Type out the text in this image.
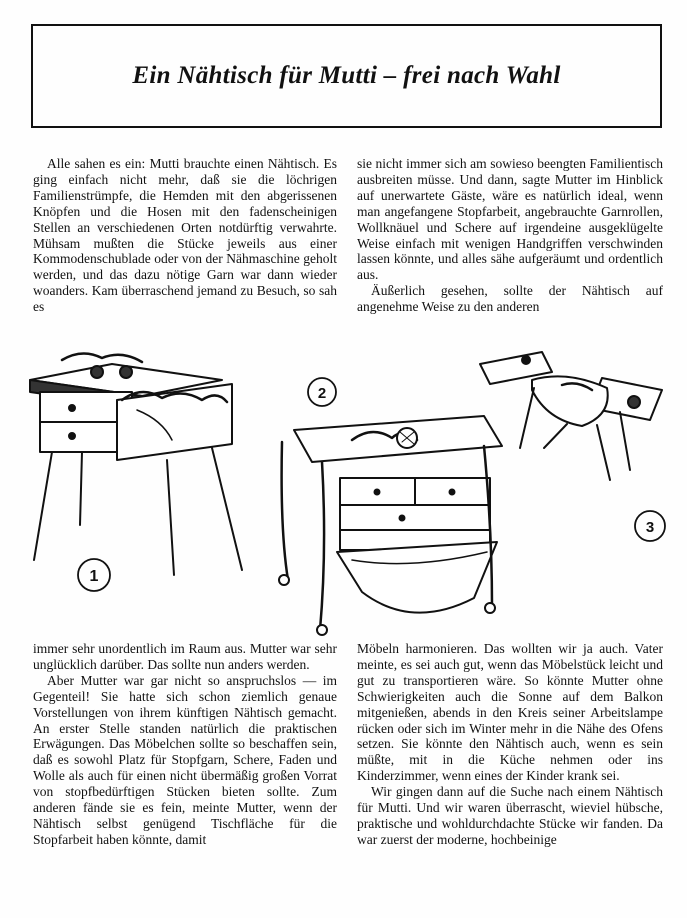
Ein Nähtisch für Mutti – frei nach Wahl

Alle sahen es ein: Mutti brauchte einen Nähtisch. Es ging einfach nicht mehr, daß sie die löchrigen Familienstrümpfe, die Hemden mit den abgerissenen Knöpfen und die Hosen mit den fadenscheinigen Stellen an verschiedenen Orten notdürftig verwahrte. Mühsam mußten die Stücke jeweils aus einer Kommodenschublade oder von der Nähmaschine geholt werden, und das dazu nötige Garn war dann wieder woanders. Kam überraschend jemand zu Besuch, so sah es

sie nicht immer sich am sowieso beengten Familientisch ausbreiten müsse. Und dann, sagte Mutter im Hinblick auf unerwartete Gäste, wäre es natürlich ideal, wenn man angefangene Stopfarbeit, angebrauchte Garnrollen, Wollknäuel und Schere auf irgendeine ausgeklügelte Weise einfach mit wenigen Handgriffen verschwinden lassen könnte, und alles sähe aufgeräumt und ordentlich aus.

Äußerlich gesehen, sollte der Nähtisch auf angenehme Weise zu den anderen

1
2
3

immer sehr unordentlich im Raum aus. Mutter war sehr unglücklich darüber. Das sollte nun anders werden.

Aber Mutter war gar nicht so anspruchslos — im Gegenteil! Sie hatte sich schon ziemlich genaue Vorstellungen von ihrem künftigen Nähtisch gemacht. An erster Stelle standen natürlich die praktischen Erwägungen. Das Möbelchen sollte so beschaffen sein, daß es sowohl Platz für Stopfgarn, Schere, Faden und Wolle als auch für einen nicht übermäßig großen Vorrat von stopfbedürftigen Stücken bieten sollte. Zum anderen fände sie es fein, meinte Mutter, wenn der Nähtisch selbst genügend Tischfläche für die Stopfarbeit haben könnte, damit

Möbeln harmonieren. Das wollten wir ja auch. Vater meinte, es sei auch gut, wenn das Möbelstück leicht und gut zu transportieren wäre. So könnte Mutter ohne Schwierigkeiten auch die Sonne auf dem Balkon mitgenießen, abends in den Kreis seiner Arbeitslampe rücken oder sich im Winter mehr in die Nähe des Ofens setzen. Sie könnte den Nähtisch auch, wenn es sein müßte, mit in die Küche nehmen oder ins Kinderzimmer, wenn eines der Kinder krank sei.

Wir gingen dann auf die Suche nach einem Nähtisch für Mutti. Und wir waren überrascht, wieviel hübsche, praktische und wohldurchdachte Stücke wir fanden. Da war zuerst der moderne, hochbeinige
